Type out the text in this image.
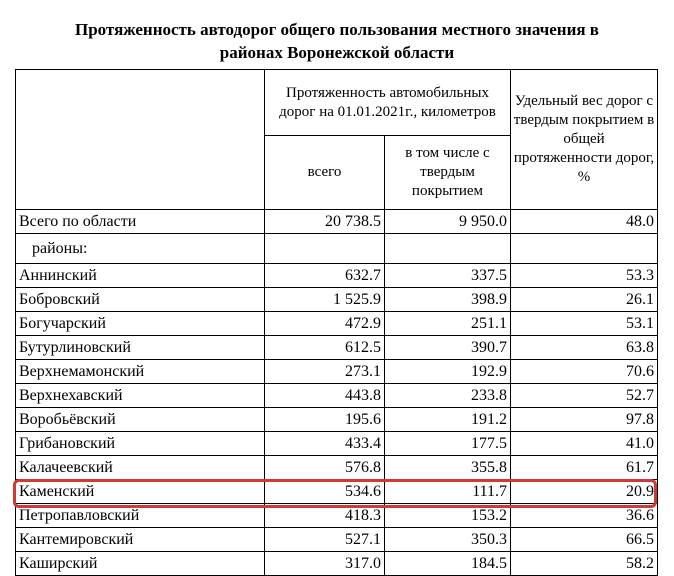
Протяженность автодорог общего пользования местного значения в
районах Воронежской области
	Протяженность автомобильных дорог на 01.01.2021г., километров		Удельный вес дорог с твердым покрытием в общей протяженности дорог, %
	всего	в том числе с твердым покрытием	
Всего по области	20 738.5	9 950.0	48.0
районы:			
Аннинский	632.7	337.5	53.3
Бобровский	1 525.9	398.9	26.1
Богучарский	472.9	251.1	53.1
Бутурлиновский	612.5	390.7	63.8
Верхнемамонский	273.1	192.9	70.6
Верхнехавский	443.8	233.8	52.7
Воробьёвский	195.6	191.2	97.8
Грибановский	433.4	177.5	41.0
Калачеевский	576.8	355.8	61.7
Каменский	534.6	111.7	20.9
Петропавловский	418.3	153.2	36.6
Кантемировский	527.1	350.3	66.5
Каширский	317.0	184.5	58.2
